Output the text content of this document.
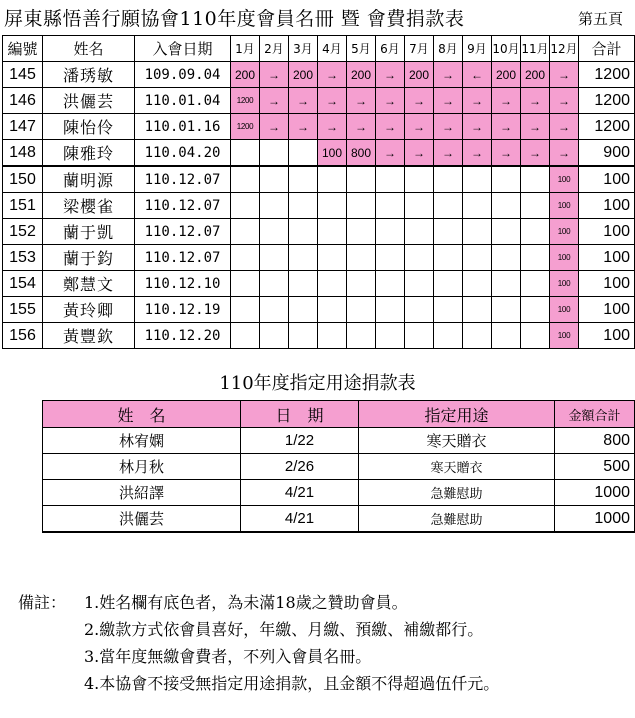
屏東縣悟善行願協會110年度會員名冊 暨 會費捐款表	第五頁
編號	姓名	入會日期	1月	2月	3月	4月	5月	6月	7月	8月	9月	10月	11月	12月	合計
145	潘琇敏	109.09.04	200	→	200	→	200	→	200	→	←	200	200	→	1200
146	洪儷芸	110.01.04	1200	→	→	→	→	→	→	→	→	→	→	→	1200
147	陳怡伶	110.01.16	1200	→	→	→	→	→	→	→	→	→	→	→	1200
148	陳雅玲	110.04.20				100	800	→	→	→	→	→	→	→	900
150	蘭明源	110.12.07												100	100
151	梁櫻雀	110.12.07												100	100
152	蘭于凱	110.12.07												100	100
153	蘭于鈞	110.12.07												100	100
154	鄭慧文	110.12.10												100	100
155	黃玲卿	110.12.19												100	100
156	黃豐欽	110.12.20												100	100
110年度指定用途捐款表
姓　名	日　期	指定用途	金額合計
林宥嫻	1/22	寒天贈衣	800
林月秋	2/26	寒天贈衣	500
洪紹譯	4/21	急難慰助	1000
洪儷芸	4/21	急難慰助	1000
備註： 1.姓名欄有底色者，為未滿18歲之贊助會員。
2.繳款方式依會員喜好，年繳、月繳、預繳、補繳都行。
3.當年度無繳會費者，不列入會員名冊。
4.本協會不接受無指定用途捐款，且金額不得超過伍仟元。
